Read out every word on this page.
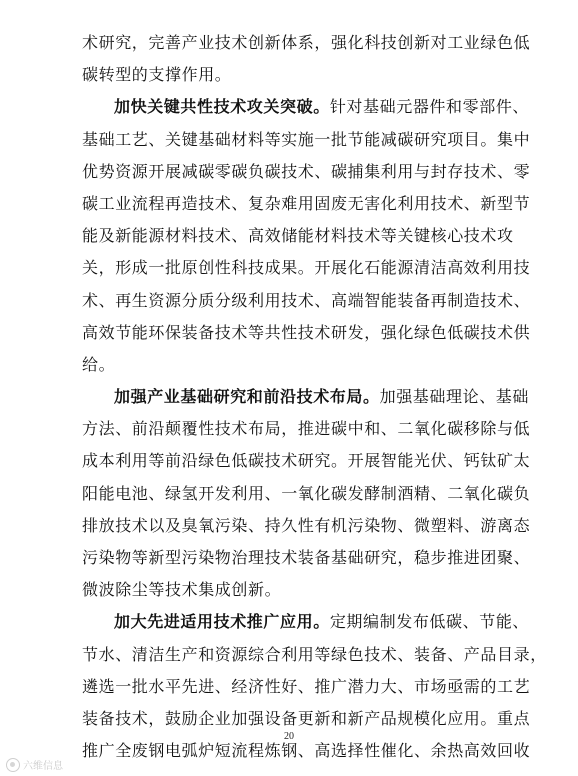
术研究，完善产业技术创新体系，强化科技创新对工业绿色低
碳转型的支撑作用。
加快关键共性技术攻关突破。针对基础元器件和零部件、
基础工艺、关键基础材料等实施一批节能减碳研究项目。集中
优势资源开展减碳零碳负碳技术、碳捕集利用与封存技术、零
碳工业流程再造技术、复杂难用固废无害化利用技术、新型节
能及新能源材料技术、高效储能材料技术等关键核心技术攻
关，形成一批原创性科技成果。开展化石能源清洁高效利用技
术、再生资源分质分级利用技术、高端智能装备再制造技术、
高效节能环保装备技术等共性技术研发，强化绿色低碳技术供
给。
加强产业基础研究和前沿技术布局。加强基础理论、基础
方法、前沿颠覆性技术布局，推进碳中和、二氧化碳移除与低
成本利用等前沿绿色低碳技术研究。开展智能光伏、钙钛矿太
阳能电池、绿氢开发利用、一氧化碳发酵制酒精、二氧化碳负
排放技术以及臭氧污染、持久性有机污染物、微塑料、游离态
污染物等新型污染物治理技术装备基础研究，稳步推进团聚、
微波除尘等技术集成创新。
加大先进适用技术推广应用。定期编制发布低碳、节能、
节水、清洁生产和资源综合利用等绿色技术、装备、产品目录，
遴选一批水平先进、经济性好、推广潜力大、市场亟需的工艺
装备技术，鼓励企业加强设备更新和新产品规模化应用。重点
推广全废钢电弧炉短流程炼钢、高选择性催化、余热高效回收
20
六维信息
